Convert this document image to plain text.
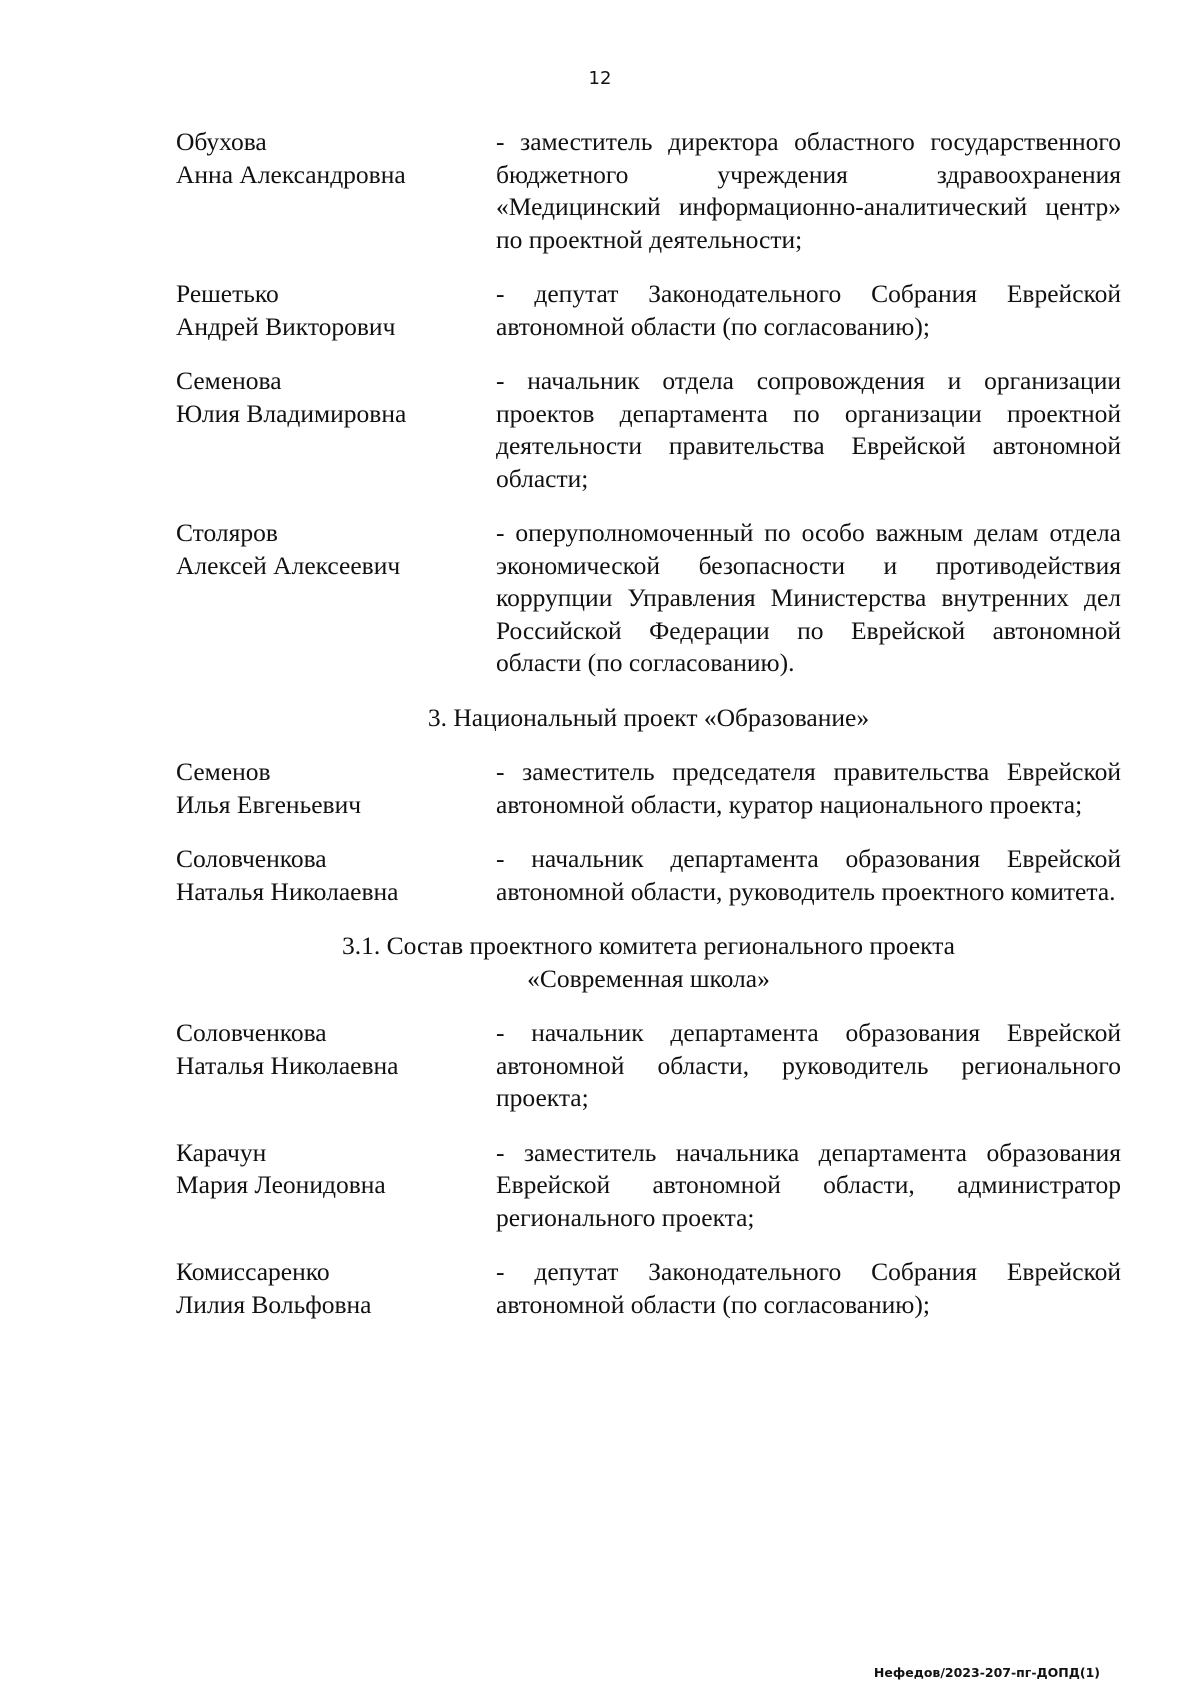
12
Обухова
Анна Александровна
- заместитель директора областного государственного бюджетного учреждения здравоохранения «Медицинский информационно-аналитический центр» по проектной деятельности;
Решетько
Андрей Викторович
- депутат Законодательного Собрания Еврейской автономной области (по согласованию);
Семенова
Юлия Владимировна
- начальник отдела сопровождения и организации проектов департамента по организации проектной деятельности правительства Еврейской автономной области;
Столяров
Алексей Алексеевич
- оперуполномоченный по особо важным делам отдела экономической безопасности и противодействия коррупции Управления Министерства внутренних дел Российской Федерации по Еврейской автономной области (по согласованию).
3. Национальный проект «Образование»
Семенов
Илья Евгеньевич
- заместитель председателя правительства Еврейской автономной области, куратор национального проекта;
Соловченкова
Наталья Николаевна
- начальник департамента образования Еврейской автономной области, руководитель проектного комитета.
3.1. Состав проектного комитета регионального проекта
«Современная школа»
Соловченкова
Наталья Николаевна
- начальник департамента образования Еврейской автономной области, руководитель регионального проекта;
Карачун
Мария Леонидовна
- заместитель начальника департамента образования Еврейской автономной области, администратор регионального проекта;
Комиссаренко
Лилия Вольфовна
- депутат Законодательного Собрания Еврейской автономной области (по согласованию);
Нефедов/2023-207-пг-ДОПД(1)
